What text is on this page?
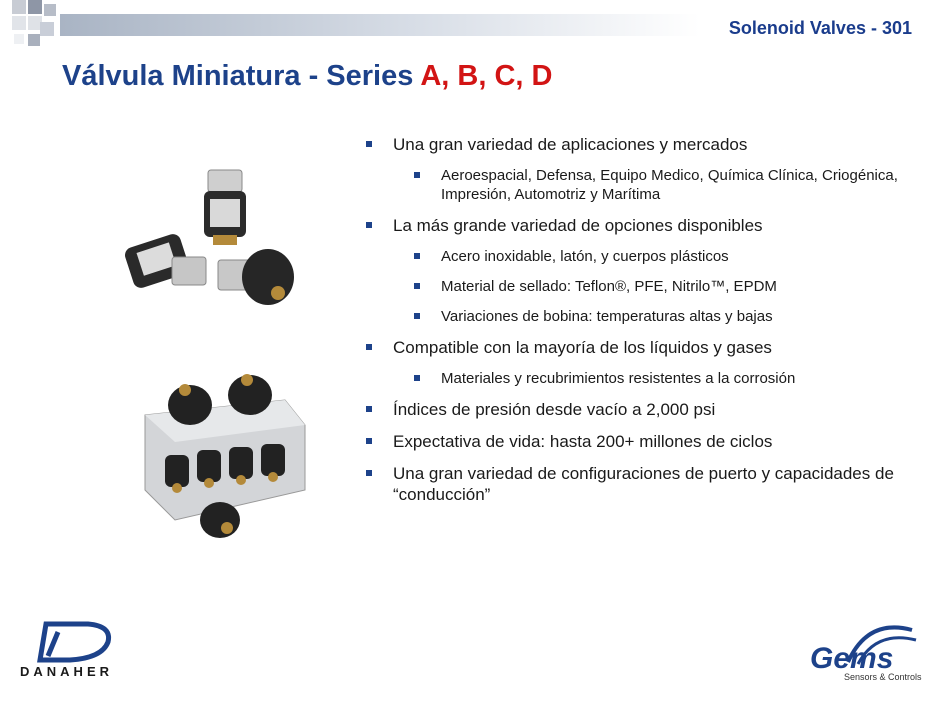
Solenoid Valves - 301
Válvula Miniatura - Series A, B, C, D
Una gran variedad de aplicaciones y mercados
Aeroespacial, Defensa, Equipo Medico, Química Clínica, Criogénica, Impresión, Automotriz y Marítima
La más grande variedad de opciones disponibles
Acero inoxidable, latón, y cuerpos plásticos
Material de sellado: Teflon®, PFE, Nitrilo™, EPDM
Variaciones de bobina: temperaturas altas y bajas
Compatible con la mayoría de los líquidos y gases
Materiales y recubrimientos resistentes a la corrosión
Índices de presión desde vacío a 2,000 psi
Expectativa de vida: hasta 200+ millones de ciclos
Una gran variedad de configuraciones de puerto y capacidades de “conducción”
DANAHER	Gems
Sensors & Controls
